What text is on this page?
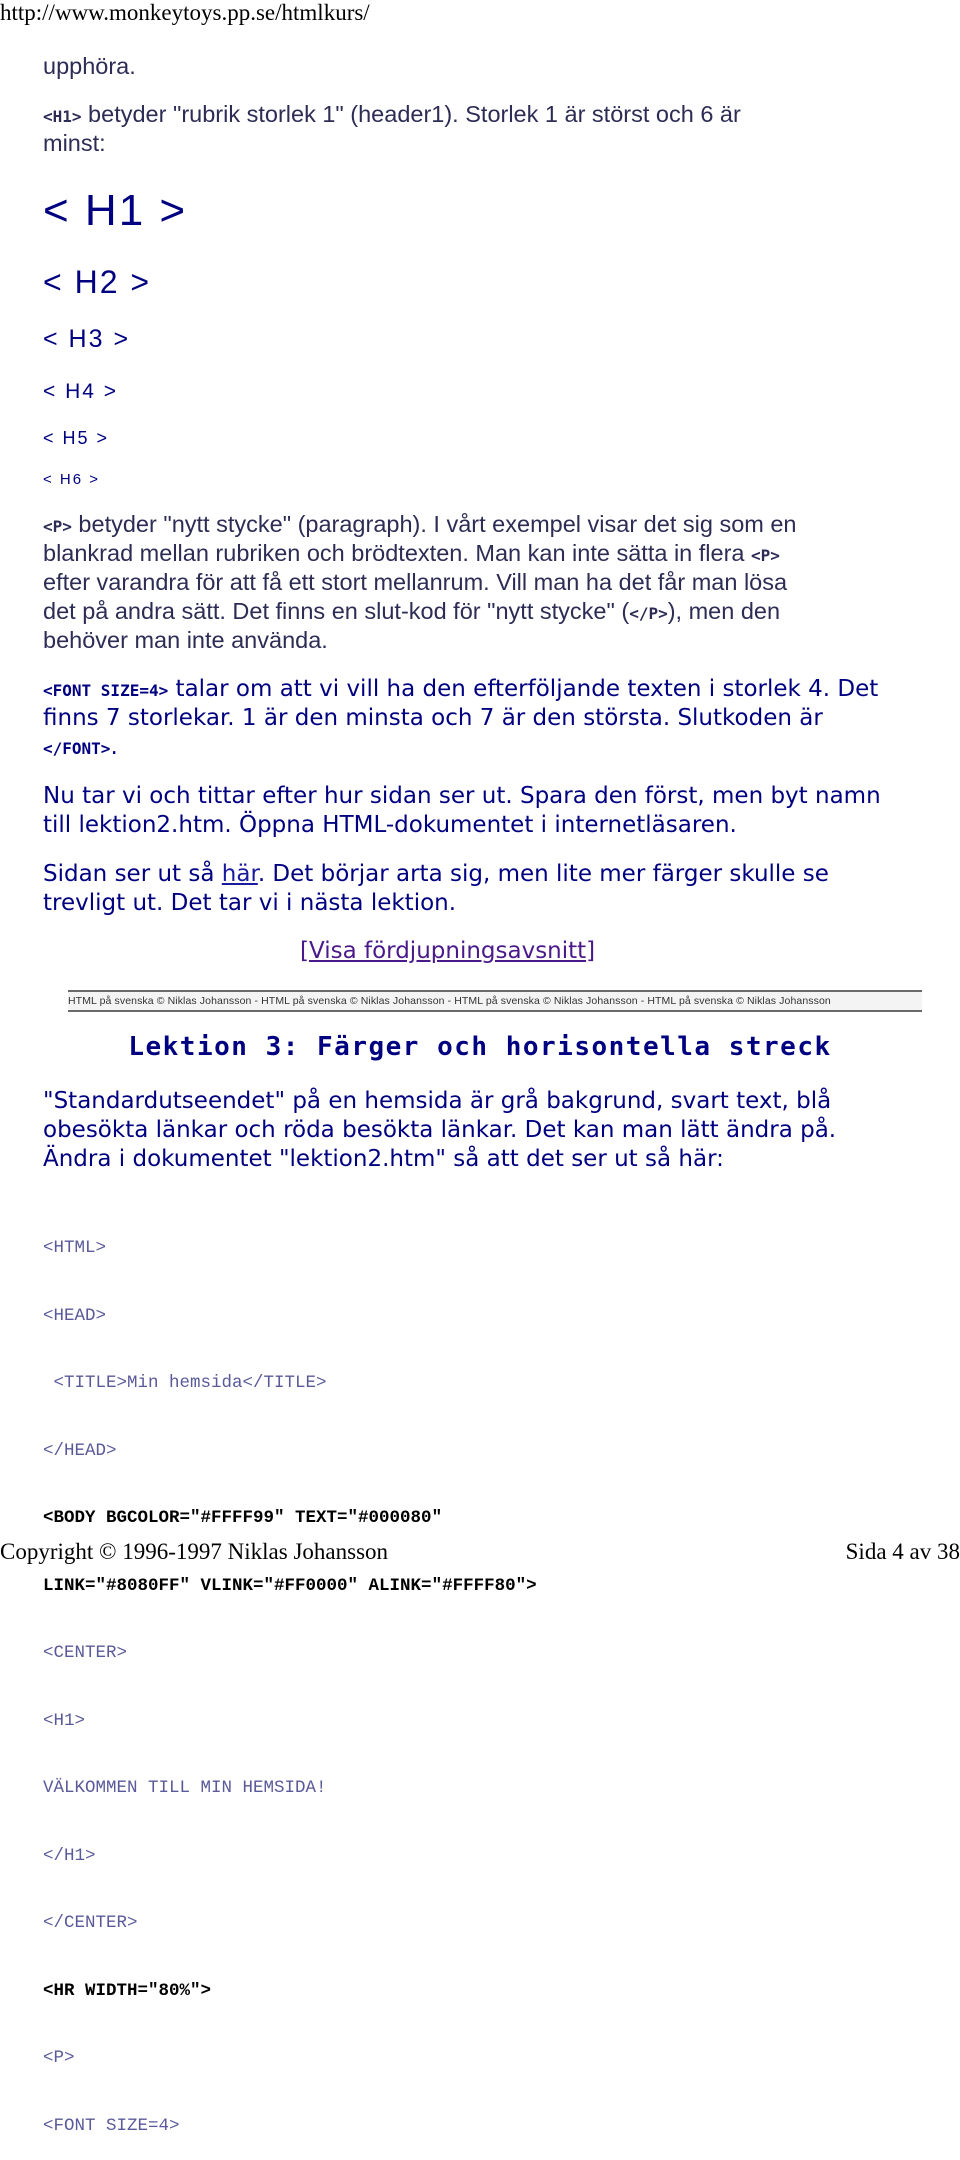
http://www.monkeytoys.pp.se/htmlkurs/
upphöra.
<H1> betyder "rubrik storlek 1" (header1). Storlek 1 är störst och 6 är
minst:
< H1 >
< H2 >
< H3 >
< H4 >
< H5 >
< H6 >
<P> betyder "nytt stycke" (paragraph). I vårt exempel visar det sig som en
blankrad mellan rubriken och brödtexten. Man kan inte sätta in flera <P>
efter varandra för att få ett stort mellanrum. Vill man ha det får man lösa
det på andra sätt. Det finns en slut-kod för "nytt stycke" (</P>), men den
behöver man inte använda.
<FONT SIZE=4> talar om att vi vill ha den efterföljande texten i storlek 4. Det
finns 7 storlekar. 1 är den minsta och 7 är den största. Slutkoden är
</FONT>.
Nu tar vi och tittar efter hur sidan ser ut. Spara den först, men byt namn
till lektion2.htm. Öppna HTML-dokumentet i internetläsaren.
Sidan ser ut så här. Det börjar arta sig, men lite mer färger skulle se
trevligt ut. Det tar vi i nästa lektion.
[Visa fördjupningsavsnitt]
HTML på svenska © Niklas Johansson - HTML på svenska © Niklas Johansson - HTML på svenska © Niklas Johansson - HTML på svenska © Niklas Johansson
Lektion 3: Färger och horisontella streck
"Standardutseendet" på en hemsida är grå bakgrund, svart text, blå
obesökta länkar och röda besökta länkar. Det kan man lätt ändra på.
Ändra i dokumentet "lektion2.htm" så att det ser ut så här:

<HTML>

<HEAD>

<TITLE>Min hemsida</TITLE>

</HEAD>

<BODY BGCOLOR="#FFFF99" TEXT="#000080"

LINK="#8080FF" VLINK="#FF0000" ALINK="#FFFF80">

<CENTER>

<H1>

VÄLKOMMEN TILL MIN HEMSIDA!

</H1>

</CENTER>

<HR WIDTH="80%">

<P>

<FONT SIZE=4>

Copyright © 1996-1997 Niklas Johansson	Sida 4 av 38
